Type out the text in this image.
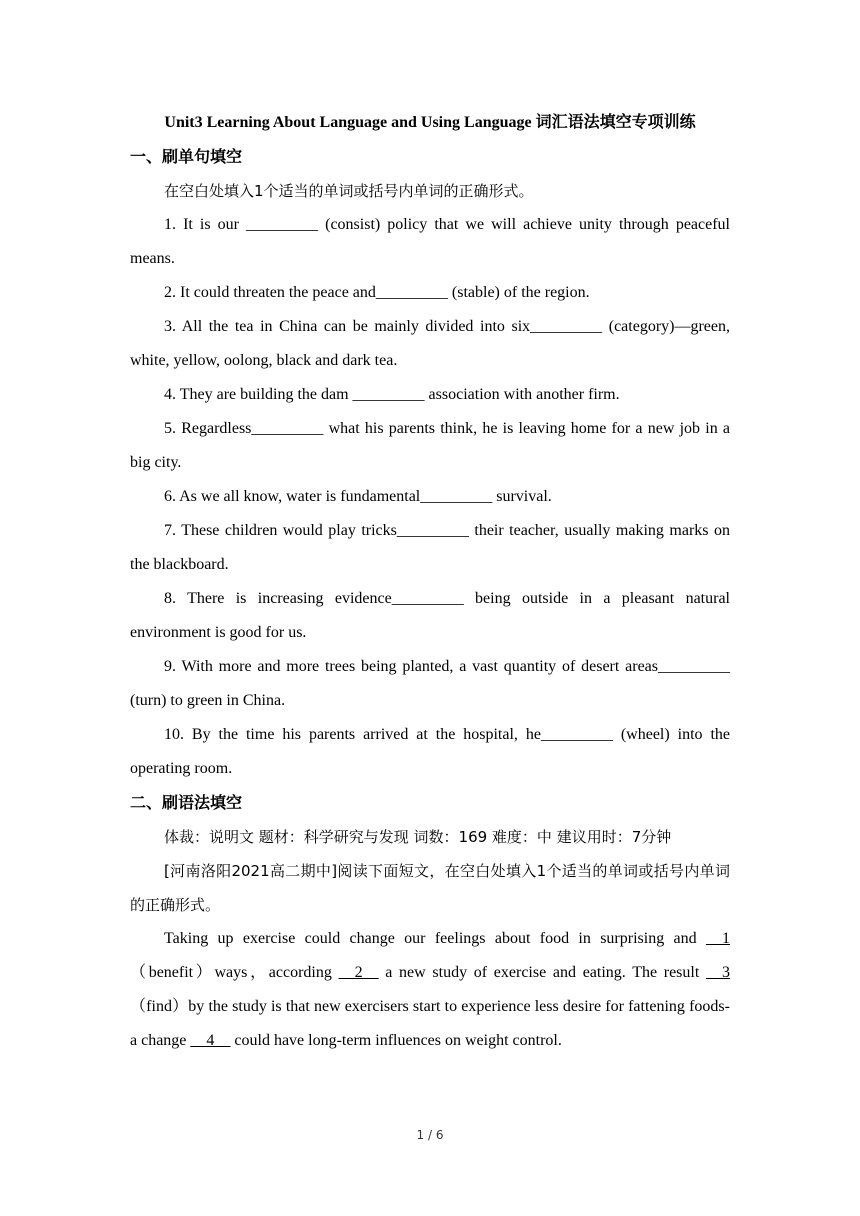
Unit3 Learning About Language and Using Language 词汇语法填空专项训练
一、刷单句填空

在空白处填入1个适当的单词或括号内单词的正确形式。

1. It is our _________ (consist) policy that we will achieve unity through peaceful means.

2. It could threaten the peace and_________ (stable) of the region.

3. All the tea in China can be mainly divided into six_________ (category)—green, white, yellow, oolong, black and dark tea.

4. They are building the dam _________ association with another firm.

5. Regardless_________ what his parents think, he is leaving home for a new job in a big city.

6. As we all know, water is fundamental_________ survival.

7. These children would play tricks_________ their teacher, usually making marks on the blackboard.

8. There is increasing evidence_________ being outside in a pleasant natural environment is good for us.

9. With more and more trees being planted, a vast quantity of desert areas_________ (turn) to green in China.

10. By the time his parents arrived at the hospital, he_________ (wheel) into the operating room.

二、刷语法填空

体裁：说明文 题材：科学研究与发现 词数：169 难度：中 建议用时：7分钟

[河南洛阳2021高二期中]阅读下面短文，在空白处填入1个适当的单词或括号内单词的正确形式。

Taking up exercise could change our feelings about food in surprising and __1（benefit）ways，according __2__ a new study of exercise and eating. The result __3（find）by the study is that new exercisers start to experience less desire for fattening foods-a change __4__ could have long-term influences on weight control.

1 / 6
